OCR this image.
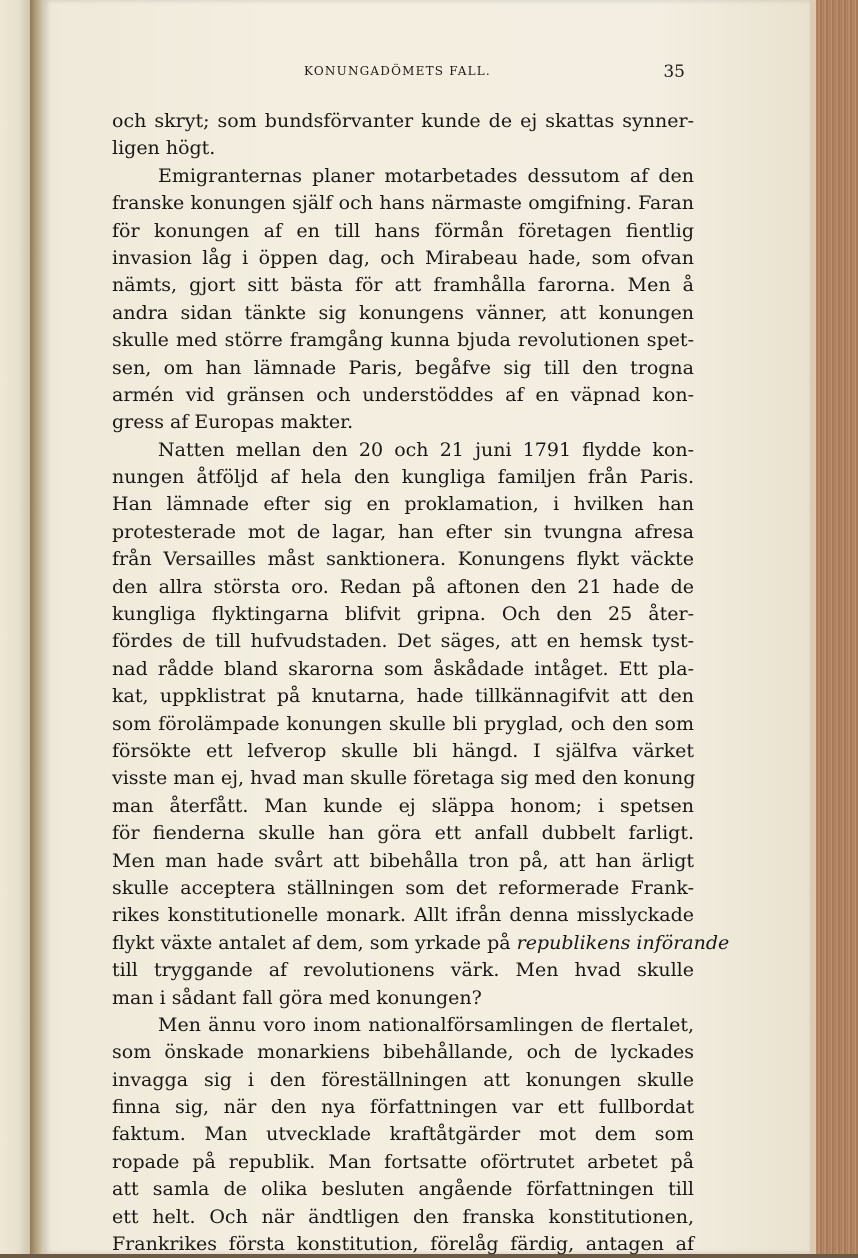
KONUNGADÖMETS FALL.	35
och skryt; som bundsförvanter kunde de ej skattas synner-
ligen högt.
Emigranternas planer motarbetades dessutom af den
franske konungen själf och hans närmaste omgifning. Faran
för konungen af en till hans förmån företagen fientlig
invasion låg i öppen dag, och Mirabeau hade, som ofvan
nämts, gjort sitt bästa för att framhålla farorna. Men å
andra sidan tänkte sig konungens vänner, att konungen
skulle med större framgång kunna bjuda revolutionen spet-
sen, om han lämnade Paris, begåfve sig till den trogna
armén vid gränsen och understöddes af en väpnad kon-
gress af Europas makter.
Natten mellan den 20 och 21 juni 1791 flydde kon-
nungen åtföljd af hela den kungliga familjen från Paris.
Han lämnade efter sig en proklamation, i hvilken han
protesterade mot de lagar, han efter sin tvungna afresa
från Versailles måst sanktionera. Konungens flykt väckte
den allra största oro. Redan på aftonen den 21 hade de
kungliga flyktingarna blifvit gripna. Och den 25 åter-
fördes de till hufvudstaden. Det säges, att en hemsk tyst-
nad rådde bland skarorna som åskådade intåget. Ett pla-
kat, uppklistrat på knutarna, hade tillkännagifvit att den
som förolämpade konungen skulle bli pryglad, och den som
försökte ett lefverop skulle bli hängd. I själfva värket
visste man ej, hvad man skulle företaga sig med den konung
man återfått. Man kunde ej släppa honom; i spetsen
för fienderna skulle han göra ett anfall dubbelt farligt.
Men man hade svårt att bibehålla tron på, att han ärligt
skulle acceptera ställningen som det reformerade Frank-
rikes konstitutionelle monark. Allt ifrån denna misslyckade
flykt växte antalet af dem, som yrkade på republikens införande
till tryggande af revolutionens värk. Men hvad skulle
man i sådant fall göra med konungen?
Men ännu voro inom nationalförsamlingen de flertalet,
som önskade monarkiens bibehållande, och de lyckades
invagga sig i den föreställningen att konungen skulle
finna sig, när den nya författningen var ett fullbordat
faktum. Man utvecklade kraftåtgärder mot dem som
ropade på republik. Man fortsatte oförtrutet arbetet på
att samla de olika besluten angående författningen till
ett helt. Och när ändtligen den franska konstitutionen,
Frankrikes första konstitution, förelåg färdig, antagen af
